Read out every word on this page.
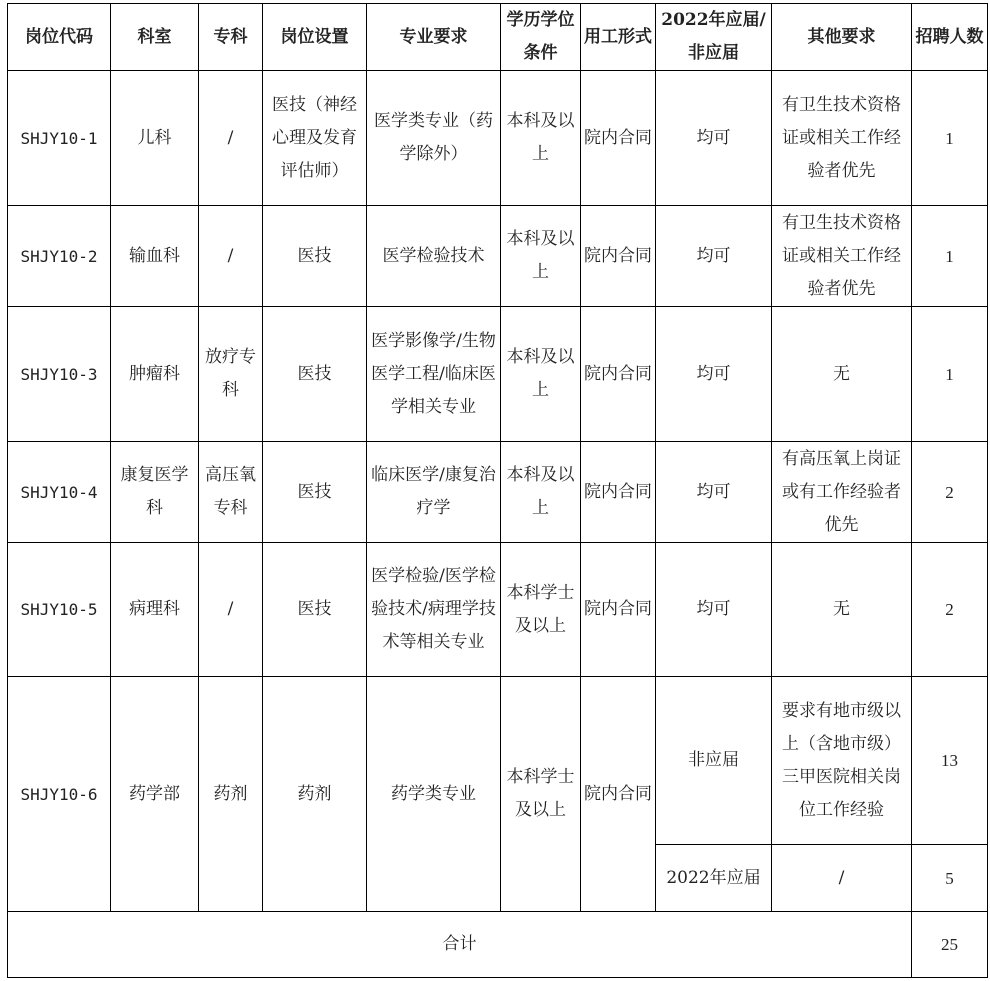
岗位代码	科室	专科	岗位设置	专业要求	学历学位条件	用工形式	2022年应届/非应届	其他要求	招聘人数
SHJY10-1	儿科	/	医技（神经心理及发育评估师）	医学类专业（药学除外）	本科及以上	院内合同	均可	有卫生技术资格证或相关工作经验者优先	1
SHJY10-2	输血科	/	医技	医学检验技术	本科及以上	院内合同	均可	有卫生技术资格证或相关工作经验者优先	1
SHJY10-3	肿瘤科	放疗专科	医技	医学影像学/生物医学工程/临床医学相关专业	本科及以上	院内合同	均可	无	1
SHJY10-4	康复医学科	高压氧专科	医技	临床医学/康复治疗学	本科及以上	院内合同	均可	有高压氧上岗证或有工作经验者优先	2
SHJY10-5	病理科	/	医技	医学检验/医学检验技术/病理学技术等相关专业	本科学士及以上	院内合同	均可	无	2
SHJY10-6	药学部	药剂	药剂	药学类专业	本科学士及以上	院内合同	非应届	要求有地市级以上（含地市级）三甲医院相关岗位工作经验	13
							2022年应届	/	5
合计									25
